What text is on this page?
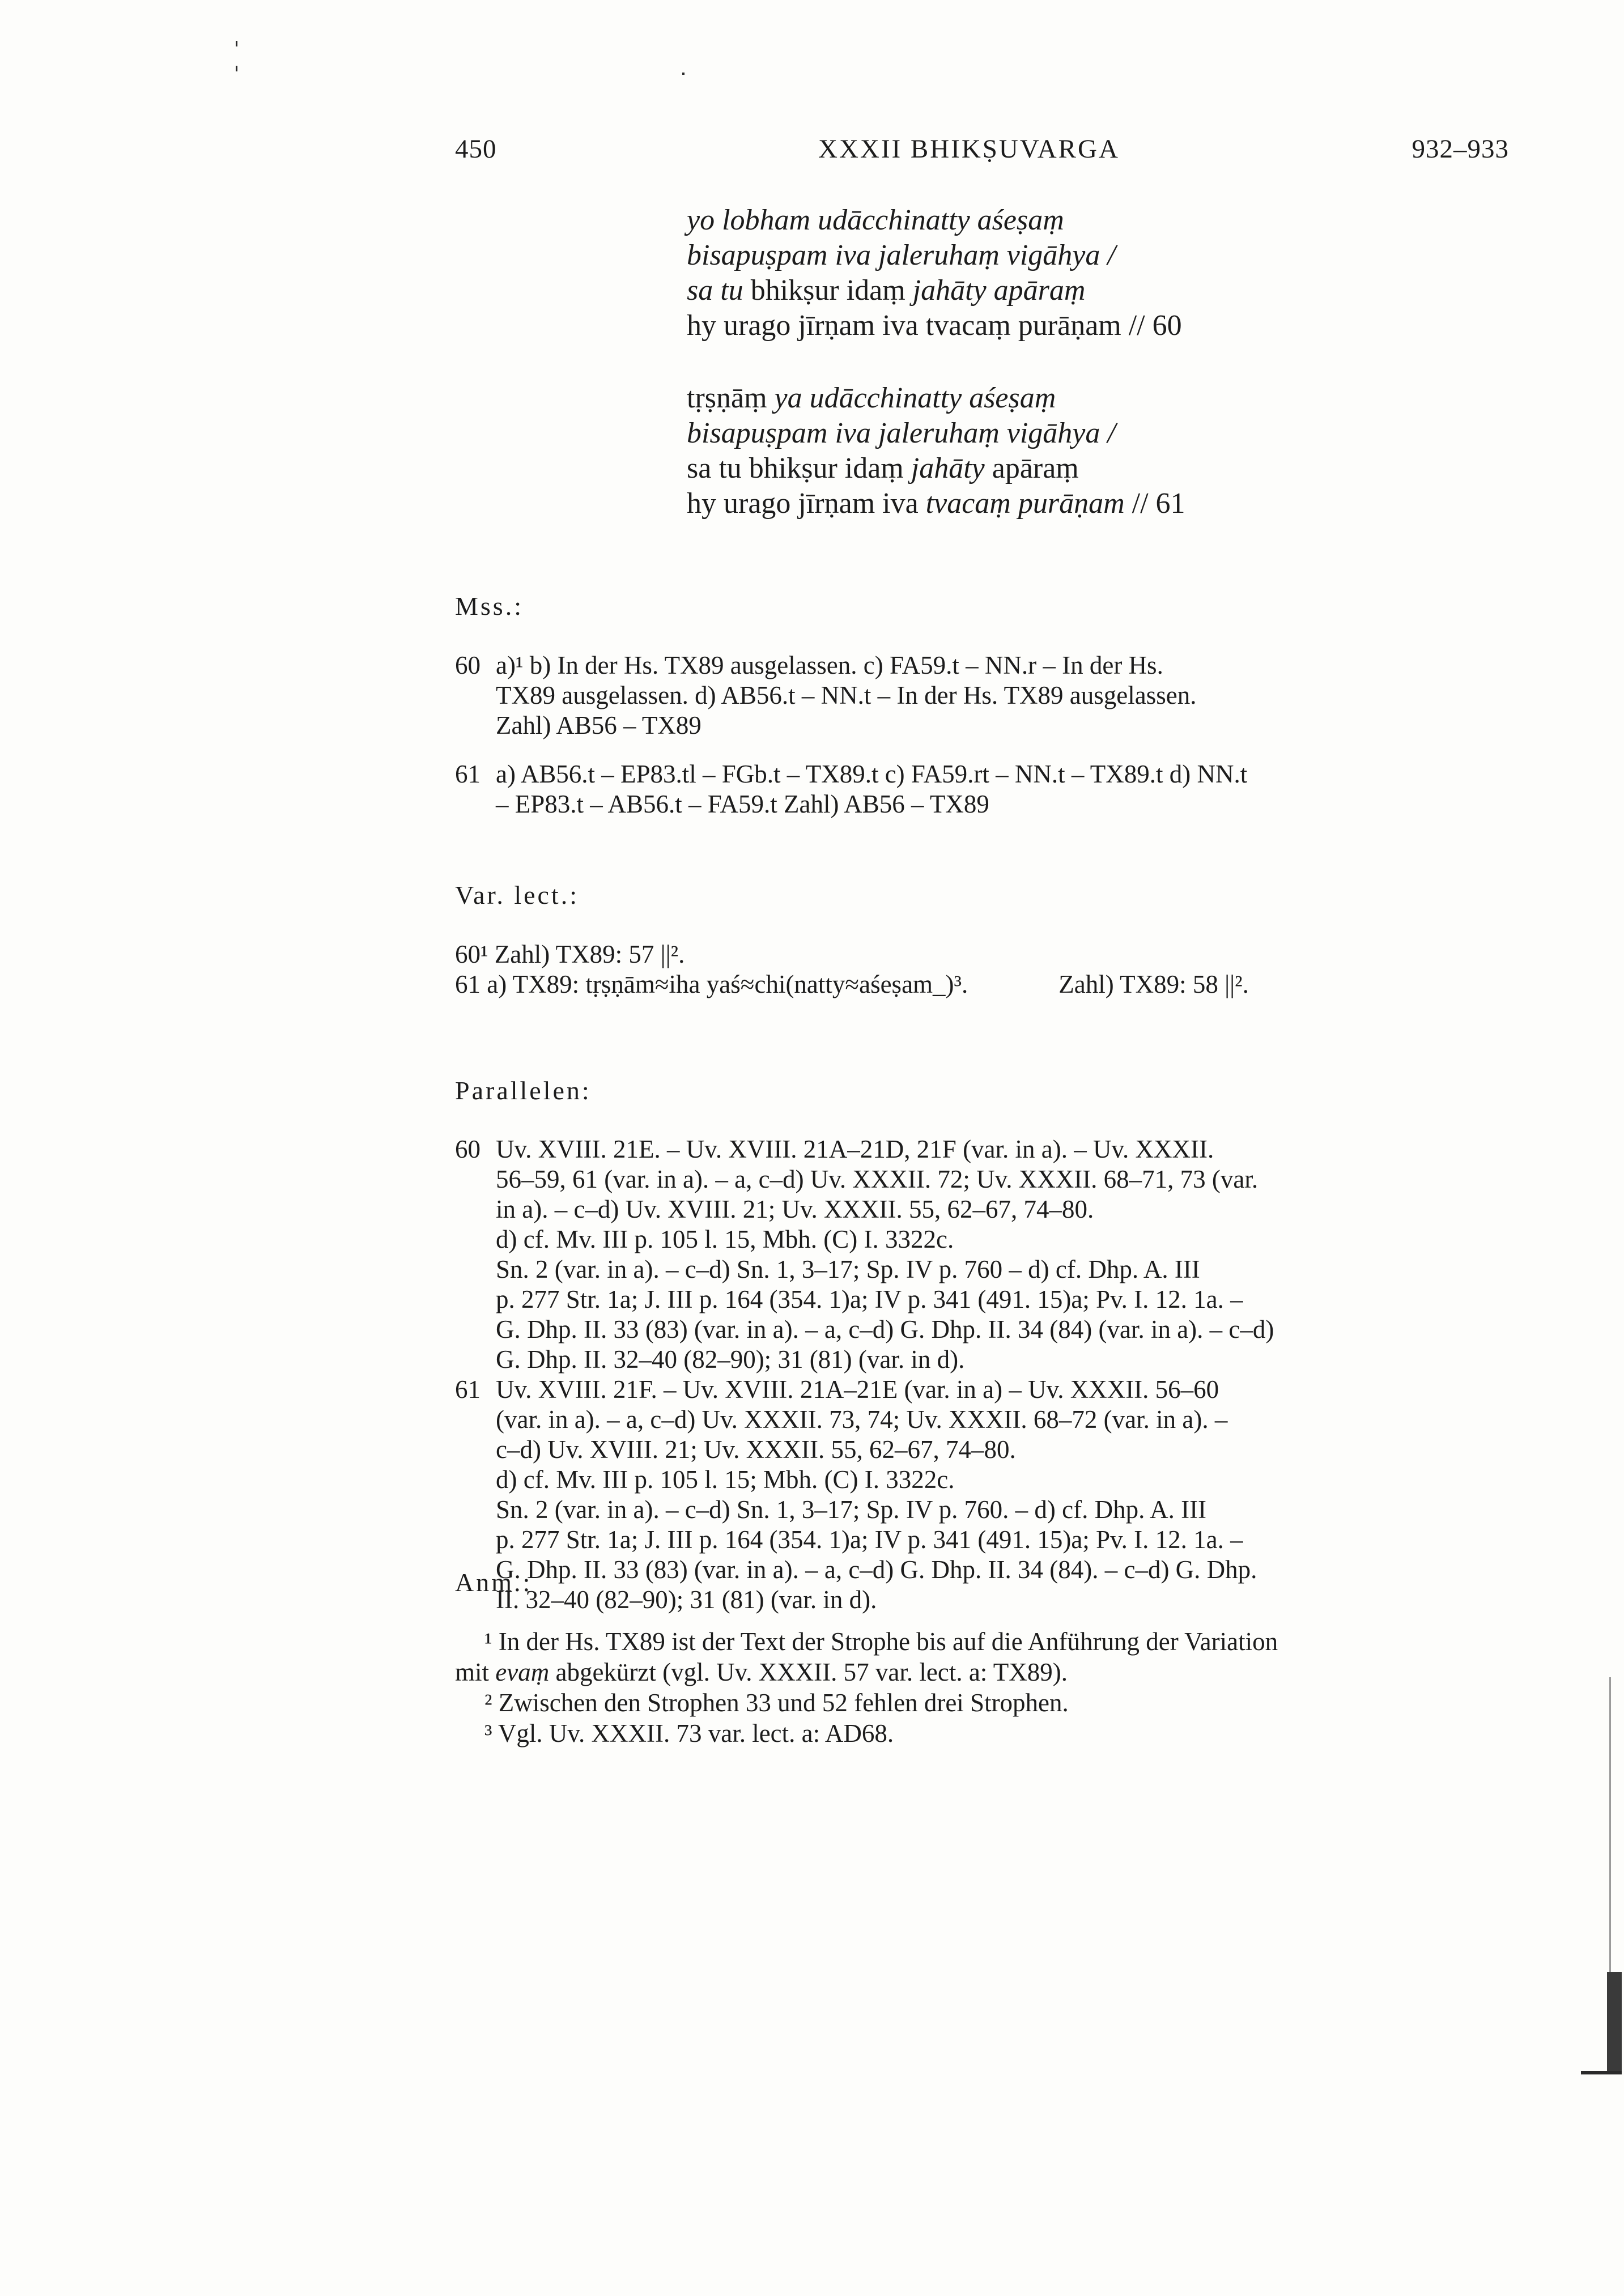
450	XXXII BHIKṢUVARGA	932–933
yo lobham udācchinatty aśeṣaṃ
bisapuṣpam iva jaleruhaṃ vigāhya /
sa tu bhikṣur idaṃ jahāty apāraṃ
hy urago jīrṇam iva tvacaṃ purāṇam // 60
tṛṣṇāṃ ya udācchinatty aśeṣaṃ
bisapuṣpam iva jaleruhaṃ vigāhya /
sa tu bhikṣur idaṃ jahāty apāraṃ
hy urago jīrṇam iva tvacaṃ purāṇam // 61
Mss.:
60 a)¹ b) In der Hs. TX89 ausgelassen. c) FA59.t – NN.r – In der Hs.
TX89 ausgelassen. d) AB56.t – NN.t – In der Hs. TX89 ausgelassen.
Zahl) AB56 – TX89
61 a) AB56.t – EP83.tl – FGb.t – TX89.t c) FA59.rt – NN.t – TX89.t d) NN.t
– EP83.t – AB56.t – FA59.t Zahl) AB56 – TX89
Var. lect.:
60¹ Zahl) TX89: 57 ||².
61 a) TX89: tṛṣṇām≈iha yaś≈chi(natty≈aśeṣam_)³.	Zahl) TX89: 58 ||².
Parallelen:
60 Uv. XVIII. 21E. – Uv. XVIII. 21A–21D, 21F (var. in a). – Uv. XXXII.
56–59, 61 (var. in a). – a, c–d) Uv. XXXII. 72; Uv. XXXII. 68–71, 73 (var.
in a). – c–d) Uv. XVIII. 21; Uv. XXXII. 55, 62–67, 74–80.
d) cf. Mv. III p. 105 l. 15, Mbh. (C) I. 3322c.
Sn. 2 (var. in a). – c–d) Sn. 1, 3–17; Sp. IV p. 760 – d) cf. Dhp. A. III
p. 277 Str. 1a; J. III p. 164 (354. 1)a; IV p. 341 (491. 15)a; Pv. I. 12. 1a. –
G. Dhp. II. 33 (83) (var. in a). – a, c–d) G. Dhp. II. 34 (84) (var. in a). – c–d)
G. Dhp. II. 32–40 (82–90); 31 (81) (var. in d).
61 Uv. XVIII. 21F. – Uv. XVIII. 21A–21E (var. in a) – Uv. XXXII. 56–60
(var. in a). – a, c–d) Uv. XXXII. 73, 74; Uv. XXXII. 68–72 (var. in a). –
c–d) Uv. XVIII. 21; Uv. XXXII. 55, 62–67, 74–80.
d) cf. Mv. III p. 105 l. 15; Mbh. (C) I. 3322c.
Sn. 2 (var. in a). – c–d) Sn. 1, 3–17; Sp. IV p. 760. – d) cf. Dhp. A. III
p. 277 Str. 1a; J. III p. 164 (354. 1)a; IV p. 341 (491. 15)a; Pv. I. 12. 1a. –
G. Dhp. II. 33 (83) (var. in a). – a, c–d) G. Dhp. II. 34 (84). – c–d) G. Dhp.
II. 32–40 (82–90); 31 (81) (var. in d).
Anm.:
¹ In der Hs. TX89 ist der Text der Strophe bis auf die Anführung der Variation
mit evaṃ abgekürzt (vgl. Uv. XXXII. 57 var. lect. a: TX89).
² Zwischen den Strophen 33 und 52 fehlen drei Strophen.
³ Vgl. Uv. XXXII. 73 var. lect. a: AD68.
